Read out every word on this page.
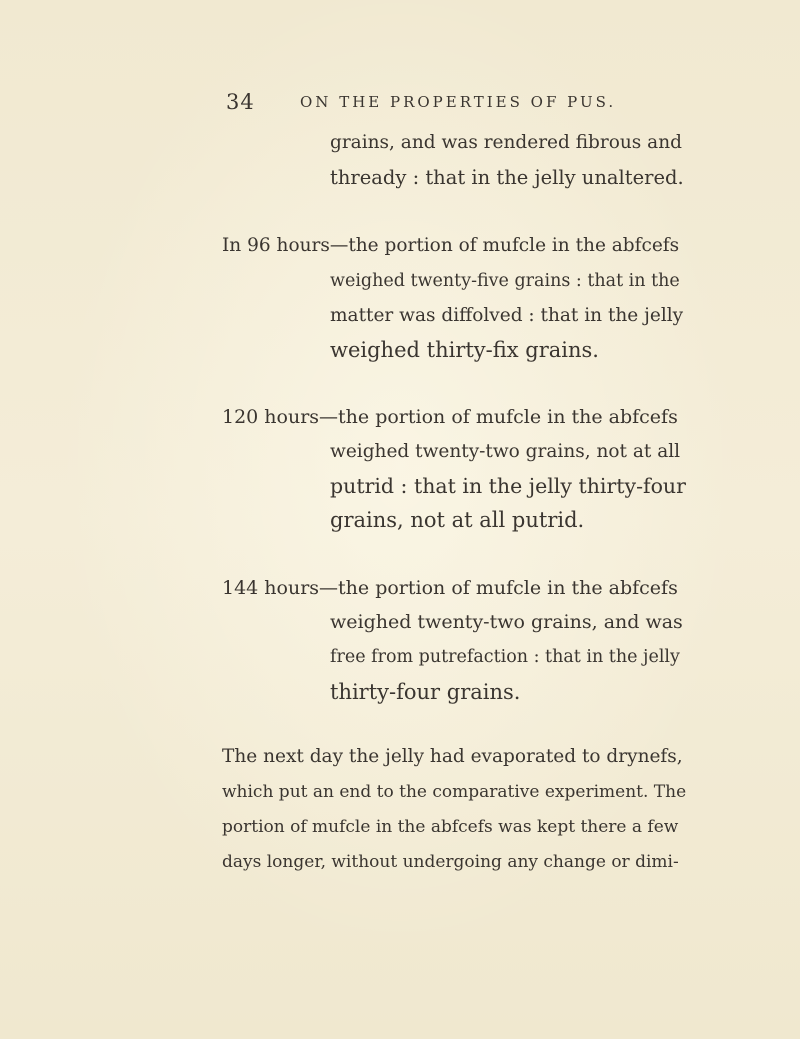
34	ON THE PROPERTIES OF PUS.
grains, and was rendered fibrous and
thready : that in the jelly unaltered.
In 96 hours—the portion of mufcle in the abfcefs
weighed twenty-five grains : that in the
matter was diffolved : that in the jelly
weighed thirty-fix grains.
120 hours—the portion of mufcle in the abfcefs
weighed twenty-two grains, not at all
putrid : that in the jelly thirty-four
grains, not at all putrid.
144 hours—the portion of mufcle in the abfcefs
weighed twenty-two grains, and was
free from putrefaction : that in the jelly
thirty-four grains.
The next day the jelly had evaporated to drynefs,
which put an end to the comparative experiment. The
portion of mufcle in the abfcefs was kept there a few
days longer, without undergoing any change or dimi-
